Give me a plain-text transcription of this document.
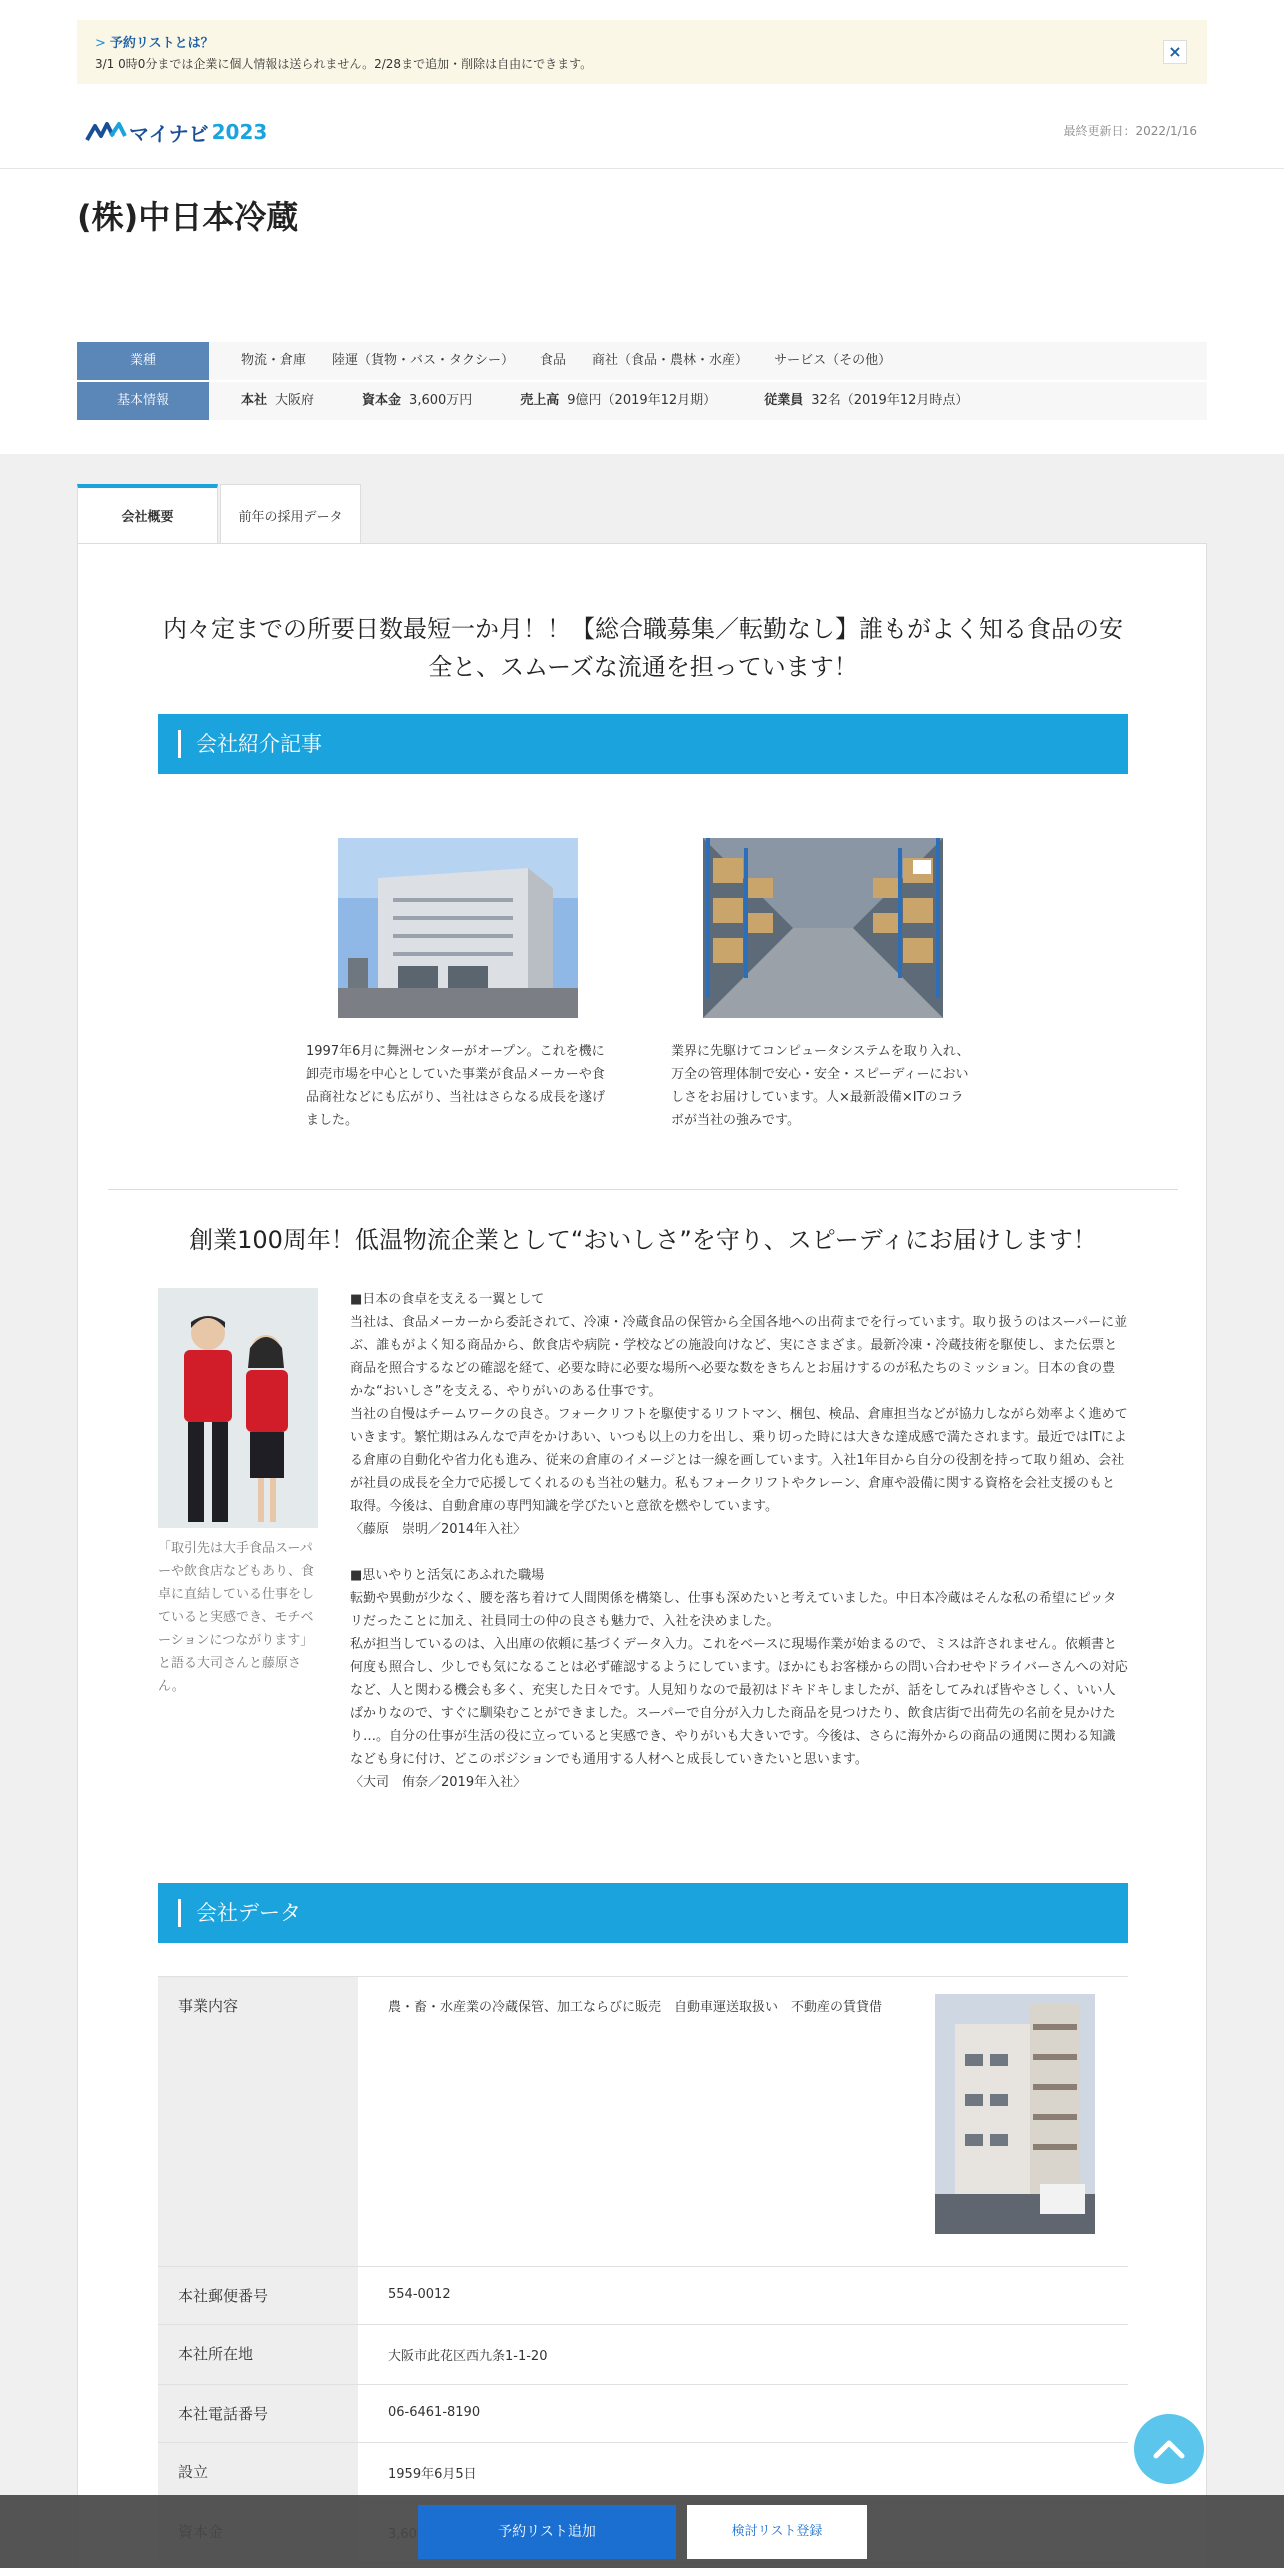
> 予約リストとは？
3/1 0時0分までは企業に個人情報は送られません。2/28まで追加・削除は自由にできます。
×
マイナビ 2023	最終更新日：2022/1/16
(株)中日本冷蔵
業種	物流・倉庫 陸運（貨物・バス・タクシー） 食品 商社（食品・農林・水産） サービス（その他）
基本情報	本社 大阪府	資本金 3,600万円	売上高 9億円（2019年12月期）	従業員 32名（2019年12月時点）
会社概要	前年の採用データ
内々定までの所要日数最短一か月！！【総合職募集／転勤なし】誰もがよく知る食品の安全と、スムーズな流通を担っています！
会社紹介記事
1997年6月に舞洲センターがオープン。これを機に卸売市場を中心としていた事業が食品メーカーや食品商社などにも広がり、当社はさらなる成長を遂げました。
業界に先駆けてコンピュータシステムを取り入れ、万全の管理体制で安心・安全・スピーディーにおいしさをお届けしています。人×最新設備×ITのコラボが当社の強みです。
創業100周年！低温物流企業として“おいしさ”を守り、スピーディにお届けします！
「取引先は大手食品スーパーや飲食店などもあり、食卓に直結している仕事をしていると実感でき、モチベーションにつながります」と語る大司さんと藤原さん。

■日本の食卓を支える一翼として

当社は、食品メーカーから委託されて、冷凍・冷蔵食品の保管から全国各地への出荷までを行っています。取り扱うのはスーパーに並ぶ、誰もがよく知る商品から、飲食店や病院・学校などの施設向けなど、実にさまざま。最新冷凍・冷蔵技術を駆使し、また伝票と商品を照合するなどの確認を経て、必要な時に必要な場所へ必要な数をきちんとお届けするのが私たちのミッション。日本の食の豊かな“おいしさ”を支える、やりがいのある仕事です。

当社の自慢はチームワークの良さ。フォークリフトを駆使するリフトマン、梱包、検品、倉庫担当などが協力しながら効率よく進めていきます。繁忙期はみんなで声をかけあい、いつも以上の力を出し、乗り切った時には大きな達成感で満たされます。最近ではITによる倉庫の自動化や省力化も進み、従来の倉庫のイメージとは一線を画しています。入社1年目から自分の役割を持って取り組め、会社が社員の成長を全力で応援してくれるのも当社の魅力。私もフォークリフトやクレーン、倉庫や設備に関する資格を会社支援のもと取得。今後は、自動倉庫の専門知識を学びたいと意欲を燃やしています。

〈藤原　崇明／2014年入社〉

■思いやりと活気にあふれた職場

転勤や異動が少なく、腰を落ち着けて人間関係を構築し、仕事も深めたいと考えていました。中日本冷蔵はそんな私の希望にピッタリだったことに加え、社員同士の仲の良さも魅力で、入社を決めました。

私が担当しているのは、入出庫の依頼に基づくデータ入力。これをベースに現場作業が始まるので、ミスは許されません。依頼書と何度も照合し、少しでも気になることは必ず確認するようにしています。ほかにもお客様からの問い合わせやドライバーさんへの対応など、人と関わる機会も多く、充実した日々です。人見知りなので最初はドキドキしましたが、話をしてみれば皆やさしく、いい人ばかりなので、すぐに馴染むことができました。スーパーで自分が入力した商品を見つけたり、飲食店街で出荷先の名前を見かけたり…。自分の仕事が生活の役に立っていると実感でき、やりがいも大きいです。今後は、さらに海外からの商品の通関に関わる知識なども身に付け、どこのポジションでも通用する人材へと成長していきたいと思います。

〈大司　侑奈／2019年入社〉

会社データ
事業内容	農・畜・水産業の冷蔵保管、加工ならびに販売　自動車運送取扱い　不動産の賃貸借
本社郵便番号	554-0012
本社所在地	大阪市此花区西九条1-1-20
本社電話番号	06-6461-8190
設立	1959年6月5日
予約リスト追加	検討リスト登録
